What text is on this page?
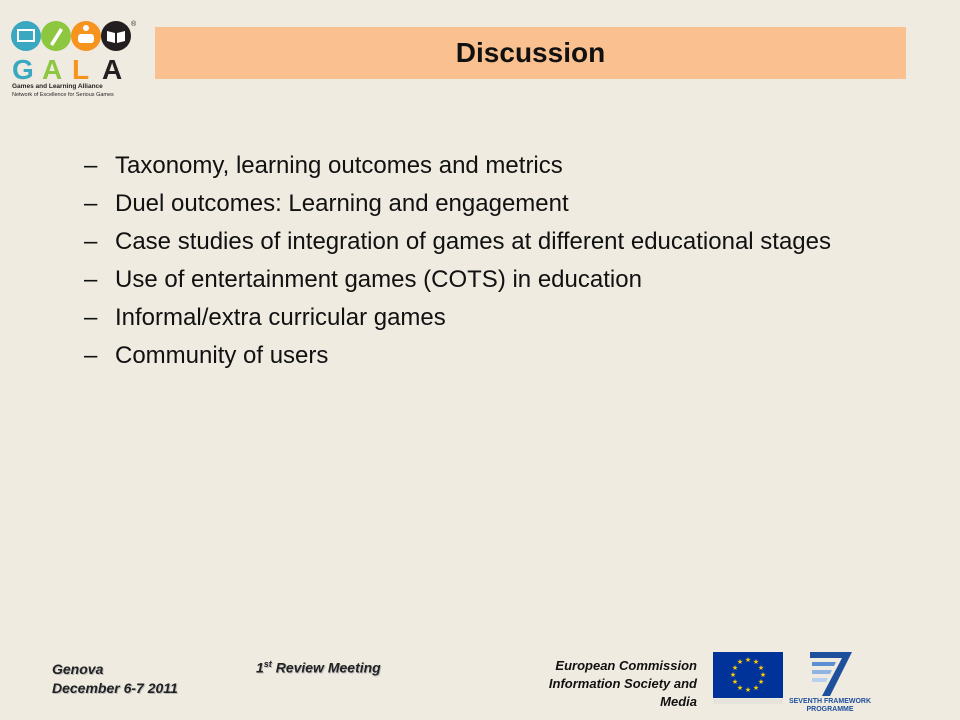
G A L A
®
Games and Learning Alliance
Network of Excellence for Serious Games
Discussion
– Taxonomy, learning outcomes and metrics
– Duel outcomes: Learning and engagement
– Case studies of integration of games at different educational stages
– Use of entertainment games (COTS) in education
– Informal/extra curricular games
– Community of users
Genova
December 6-7 2011
1st Review Meeting	European Commission
Information Society and
Media
★ ★
★
★
★
★
★
★
★
★
★
★
SEVENTH FRAMEWORK
PROGRAMME
